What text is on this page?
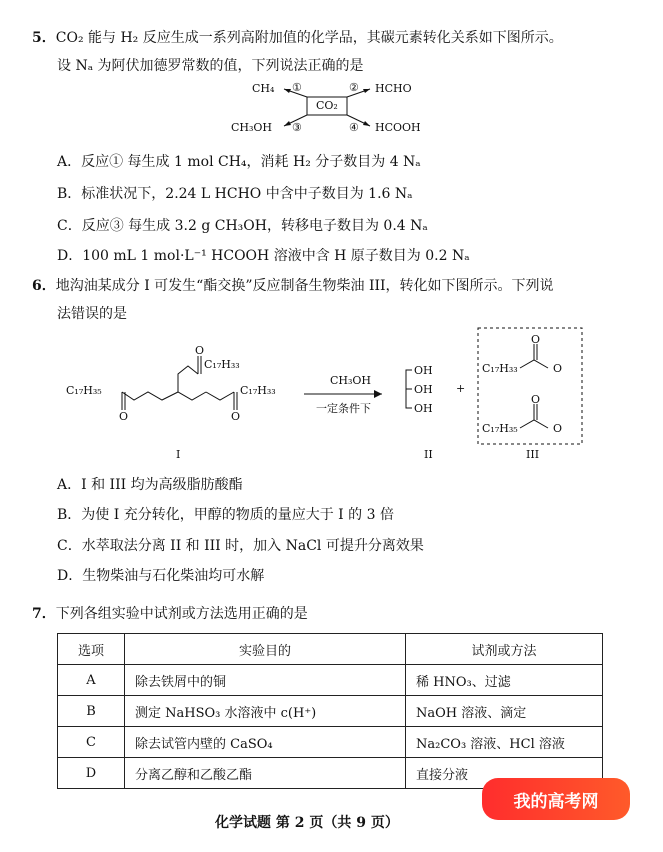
5．CO₂ 能与 H₂ 反应生成一系列高附加值的化学品，其碳元素转化关系如下图所示。
设 Nₐ 为阿伏加德罗常数的值，下列说法正确的是
CO₂
CH₄	HCHO
CH₃OH	HCOOH
①	②
③	④
A．反应① 每生成 1 mol CH₄，消耗 H₂ 分子数目为 4 Nₐ
B．标准状况下，2.24 L HCHO 中含中子数目为 1.6 Nₐ
C．反应③ 每生成 3.2 g CH₃OH，转移电子数目为 0.4 Nₐ
D．100 mL 1 mol·L⁻¹ HCOOH 溶液中含 H 原子数目为 0.2 Nₐ
6．地沟油某成分 I 可发生“酯交换”反应制备生物柴油 III，转化如下图所示。下列说
法错误的是
C₁₇H₃₅
C₁₇H₃₃
C₁₇H₃₃
O
O
O
CH₃OH
一定条件下
OH
OH
OH
+
C₁₇H₃₃
C₁₇H₃₅
O
O
O
O
I	II	III
A．I 和 III 均为高级脂肪酸酯
B．为使 I 充分转化，甲醇的物质的量应大于 I 的 3 倍
C．水萃取法分离 II 和 III 时，加入 NaCl 可提升分离效果
D．生物柴油与石化柴油均可水解
7．下列各组实验中试剂或方法选用正确的是
选项	实验目的	试剂或方法
A	除去铁屑中的铜	稀 HNO₃、过滤
B	测定 NaHSO₃ 水溶液中 c(H⁺)	NaOH 溶液、滴定
C	除去试管内壁的 CaSO₄	Na₂CO₃ 溶液、HCl 溶液
D	分离乙醇和乙酸乙酯	直接分液
化学试题 第 2 页（共 9 页）
我的高考网
